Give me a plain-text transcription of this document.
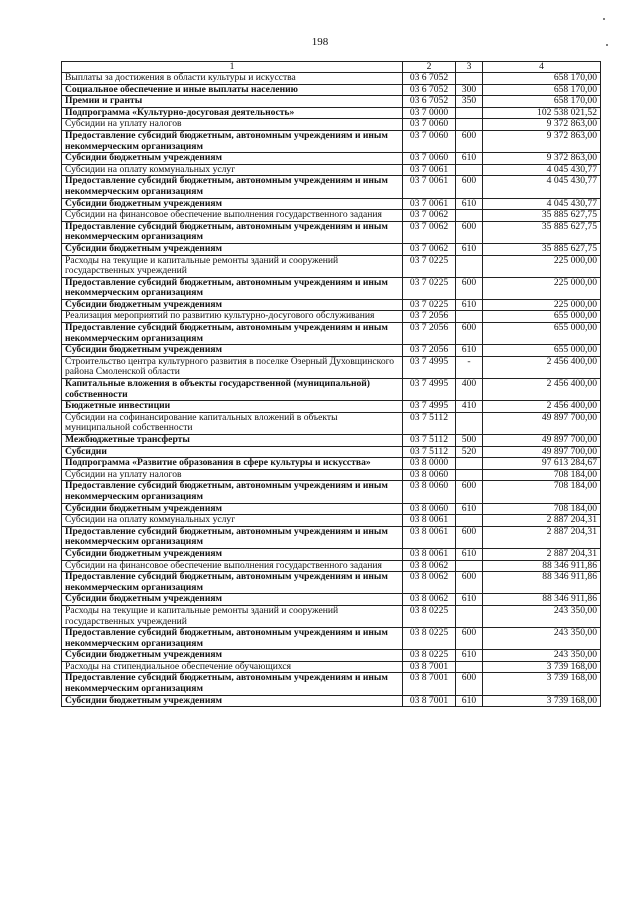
198
1	2	3	4
Выплаты за достижения в области культуры и искусства	03 6 7052		658 170,00
Социальное обеспечение и иные выплаты населению	03 6 7052	300	658 170,00
Премии и гранты	03 6 7052	350	658 170,00
Подпрограмма «Культурно-досуговая деятельность»	03 7 0000		102 538 021,52
Субсидии на уплату налогов	03 7 0060		9 372 863,00
Предоставление субсидий бюджетным, автономным учреждениям и иным некоммерческим организациям	03 7 0060	600	9 372 863,00
Субсидии бюджетным учреждениям	03 7 0060	610	9 372 863,00
Субсидии на оплату коммунальных услуг	03 7 0061		4 045 430,77
Предоставление субсидий бюджетным, автономным учреждениям и иным некоммерческим организациям	03 7 0061	600	4 045 430,77
Субсидии бюджетным учреждениям	03 7 0061	610	4 045 430,77
Субсидии на финансовое обеспечение выполнения государственного задания	03 7 0062		35 885 627,75
Предоставление субсидий бюджетным, автономным учреждениям и иным некоммерческим организациям	03 7 0062	600	35 885 627,75
Субсидии бюджетным учреждениям	03 7 0062	610	35 885 627,75
Расходы на текущие и капитальные ремонты зданий и сооружений государственных учреждений	03 7 0225		225 000,00
Предоставление субсидий бюджетным, автономным учреждениям и иным некоммерческим организациям	03 7 0225	600	225 000,00
Субсидии бюджетным учреждениям	03 7 0225	610	225 000,00
Реализация мероприятий по развитию культурно-досугового обслуживания	03 7 2056		655 000,00
Предоставление субсидий бюджетным, автономным учреждениям и иным некоммерческим организациям	03 7 2056	600	655 000,00
Субсидии бюджетным учреждениям	03 7 2056	610	655 000,00
Строительство центра культурного развития в поселке Озерный Духовщинского района Смоленской области	03 7 4995	-	2 456 400,00
Капитальные вложения в объекты государственной (муниципальной) собственности	03 7 4995	400	2 456 400,00
Бюджетные инвестиции	03 7 4995	410	2 456 400,00
Субсидии на софинансирование капитальных вложений в объекты муниципальной собственности	03 7 5112		49 897 700,00
Межбюджетные трансферты	03 7 5112	500	49 897 700,00
Субсидии	03 7 5112	520	49 897 700,00
Подпрограмма «Развитие образования в сфере культуры и искусства»	03 8 0000		97 613 284,67
Субсидии на уплату налогов	03 8 0060		708 184,00
Предоставление субсидий бюджетным, автономным учреждениям и иным некоммерческим организациям	03 8 0060	600	708 184,00
Субсидии бюджетным учреждениям	03 8 0060	610	708 184,00
Субсидии на оплату коммунальных услуг	03 8 0061		2 887 204,31
Предоставление субсидий бюджетным, автономным учреждениям и иным некоммерческим организациям	03 8 0061	600	2 887 204,31
Субсидии бюджетным учреждениям	03 8 0061	610	2 887 204,31
Субсидии на финансовое обеспечение выполнения государственного задания	03 8 0062		88 346 911,86
Предоставление субсидий бюджетным, автономным учреждениям и иным некоммерческим организациям	03 8 0062	600	88 346 911,86
Субсидии бюджетным учреждениям	03 8 0062	610	88 346 911,86
Расходы на текущие и капитальные ремонты зданий и сооружений государственных учреждений	03 8 0225		243 350,00
Предоставление субсидий бюджетным, автономным учреждениям и иным некоммерческим организациям	03 8 0225	600	243 350,00
Субсидии бюджетным учреждениям	03 8 0225	610	243 350,00
Расходы на стипендиальное обеспечение обучающихся	03 8 7001		3 739 168,00
Предоставление субсидий бюджетным, автономным учреждениям и иным некоммерческим организациям	03 8 7001	600	3 739 168,00
Субсидии бюджетным учреждениям	03 8 7001	610	3 739 168,00
